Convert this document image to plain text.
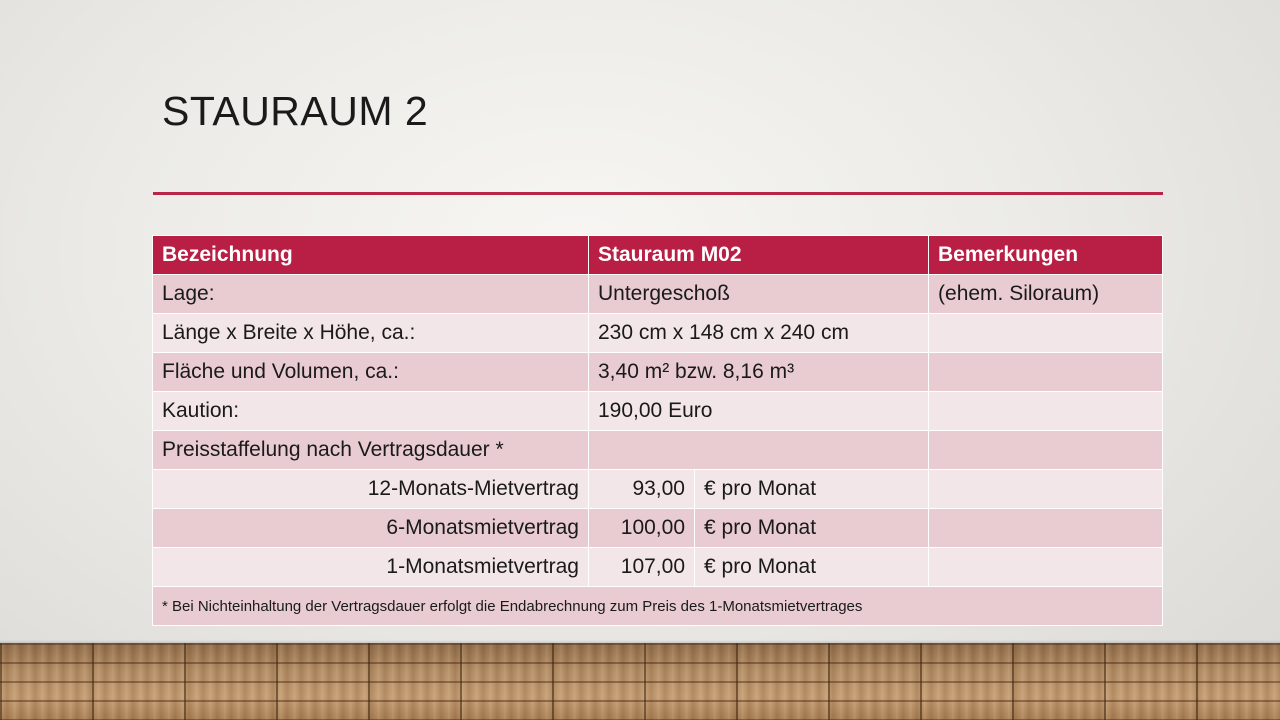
STAURAUM 2
Bezeichnung	Stauraum M02		Bemerkungen
Lage:	Untergeschoß		(ehem. Siloraum)
Länge x Breite x Höhe, ca.:	230 cm x 148 cm x 240 cm		
Fläche und Volumen, ca.:	3,40 m² bzw. 8,16 m³		
Kaution:	190,00 Euro		
Preisstaffelung nach Vertragsdauer *			
12-Monats-Mietvertrag	93,00	€ pro Monat	
6-Monatsmietvertrag	100,00	€ pro Monat	
1-Monatsmietvertrag	107,00	€ pro Monat	
* Bei Nichteinhaltung der Vertragsdauer erfolgt die Endabrechnung zum Preis des 1-Monatsmietvertrages			
